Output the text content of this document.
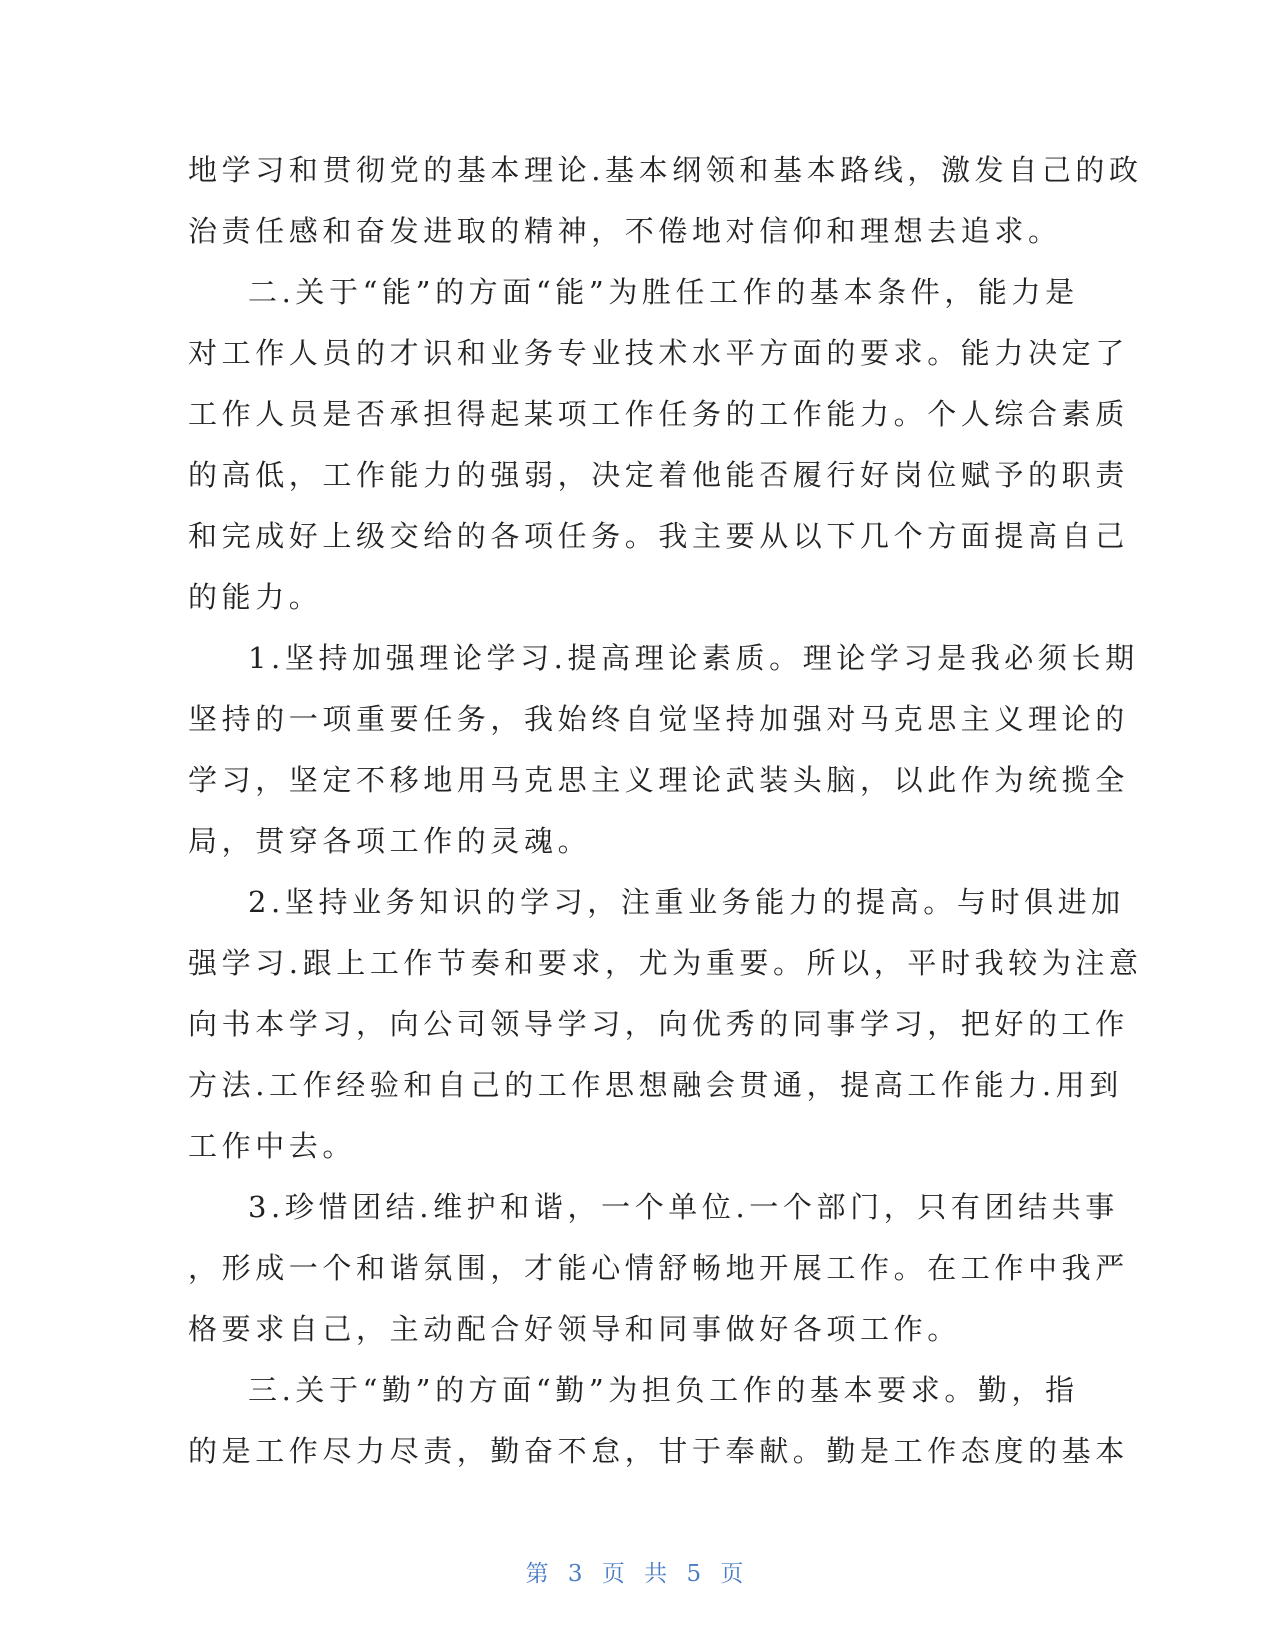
地学习和贯彻党的基本理论.基本纲领和基本路线，激发自己的政
治责任感和奋发进取的精神，不倦地对信仰和理想去追求。
二.关于“能”的方面“能”为胜任工作的基本条件，能力是
对工作人员的才识和业务专业技术水平方面的要求。能力决定了
工作人员是否承担得起某项工作任务的工作能力。个人综合素质
的高低，工作能力的强弱，决定着他能否履行好岗位赋予的职责
和完成好上级交给的各项任务。我主要从以下几个方面提高自己
的能力。
1.坚持加强理论学习.提高理论素质。理论学习是我必须长期
坚持的一项重要任务，我始终自觉坚持加强对马克思主义理论的
学习，坚定不移地用马克思主义理论武装头脑，以此作为统揽全
局，贯穿各项工作的灵魂。
2.坚持业务知识的学习，注重业务能力的提高。与时俱进加
强学习.跟上工作节奏和要求，尤为重要。所以，平时我较为注意
向书本学习，向公司领导学习，向优秀的同事学习，把好的工作
方法.工作经验和自己的工作思想融会贯通，提高工作能力.用到
工作中去。
3.珍惜团结.维护和谐，一个单位.一个部门，只有团结共事
，形成一个和谐氛围，才能心情舒畅地开展工作。在工作中我严
格要求自己，主动配合好领导和同事做好各项工作。
三.关于“勤”的方面“勤”为担负工作的基本要求。勤，指
的是工作尽力尽责，勤奋不怠，甘于奉献。勤是工作态度的基本
第 3 页 共 5 页
